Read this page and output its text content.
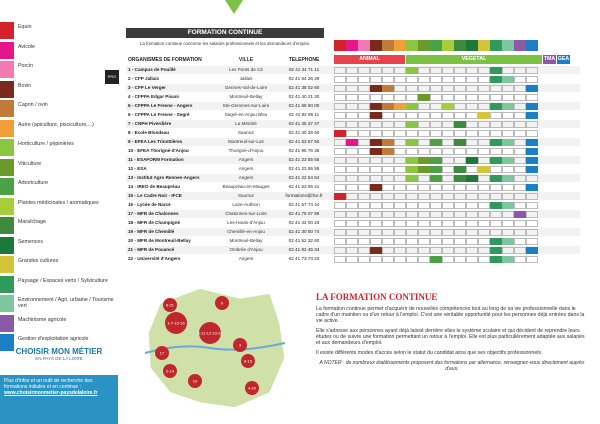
Equin
Avicole
Porcin
Bovin
Caprin / ovin
Autre (apiculture, pisciculture,...)
Horticulture / pépinières
Viticulture
Arboriculture
Plantes médicinales / aromatiques
Maraîchage
Semences
Grandes cultures
Paysage / Espaces verts / Sylviculture
Environnement / Agri. urbaine / Tourisme vert
Machinisme agricole
Gestion d'exploitation agricole
CHOISIR MON MÉTIER
EN PAYS DE LA LOIRE
Plus d'infos et un outil de recherche des formations initiales et en continue :
www.choisirmonmetier-paysdelaloire.fr
FORMATION CONTINUE
La formation continue concerne les salariés professionnels et les demandeurs d'emploi.
PRO
ANIMAL	VEGETAL	TMA GEA
ORGANISMES DE FORMATION	VILLE	TELEPHONE
1 - Campus de Pouillé	Les Ponts de Cé	02 41 44 71 11
2 - CFP Jallais	Jallais	02 41 64 26 29
3 - CFP Le Verger	Gennes-Val-de-Loire	02 41 38 02 60
4 - CFPPA Edgar Pisani	Montreuil-Bellay	02 41 40 21 30
5 - CFPPA Le Fresne - Angers	Ste-Gemmes-sur-Loire	02 41 68 60 00
6 - CFPPA Le Fresne - Segré	Segré-en-Anjou Bleu	02 41 92 99 11
7 - CNPH Piverdière	La Ménitré	02 41 45 37 47
8 - Ecole Blondeau	Saumur	02 41 40 28 60
9 - EFEA Les Trinottières	Montreuil-sur-Loir	02 41 53 57 60
10 - EFEA Thorigné-d'Anjou	Thorigné-d'Anjou	02 41 95 76 35
11 - ESAFORM Formation	Angers	02 41 23 55 55
12 - ESA	Angers	02 41 23 55 55
13 - Institut Agro Rennes-Angers	Angers	02 41 22 54 54
14 - IREO de Beaupréau	Beaupréau-en-Mauges	02 41 63 06 41
15 - Le Cadre Noir - IFCE	Saumur	formations@ifce.fr
16 - Lycée de Narcé	Loire-Authion	02 41 57 74 44
17 - MFR de Chalonnes	Chalonnes-sur-Loire	02 41 78 07 89
18 - MFR de Champigné	Les-Hauts-d'Anjou	02 41 42 00 23
19 - MFR de Chemillé	Chemillé-en-Anjou	02 41 30 50 74
20 - MFR de Montreuil-Bellay	Montreuil-Bellay	02 41 52 32 60
21 - MFR de Pouancé	Ombrée d'Anjou	02 41 92 45 34
22 - Université d'Angers	Angers	02 41 73 73 23
1-7-10-16
5-11-12-13-22
2-14
8-15
4-20
6-21	9
17
19
3
LA FORMATION CONTINUE
La formation continue permet d'acquérir de nouvelles compétences tout au long de sa vie professionnelle dans le cadre d'un maintien ou d'un retour à l'emploi. C'est une véritable opportunité pour les personnes déjà entrées dans la vie active.
Elle s'adresse aux personnes ayant déjà laissé derrière elles le système scolaire et qui décident de reprendre leurs études ou de suivre une formation permettant un retour à l'emploi. Elle est plus particulièrement adaptée aux salariés et aux demandeurs d'emploi.
Il existe différents modes d'accès selon le statut du candidat ainsi que ses objectifs professionnels.
A NOTER : de nombreux établissements proposent des formations par alternance, renseignez-vous directement auprès d'eux.
